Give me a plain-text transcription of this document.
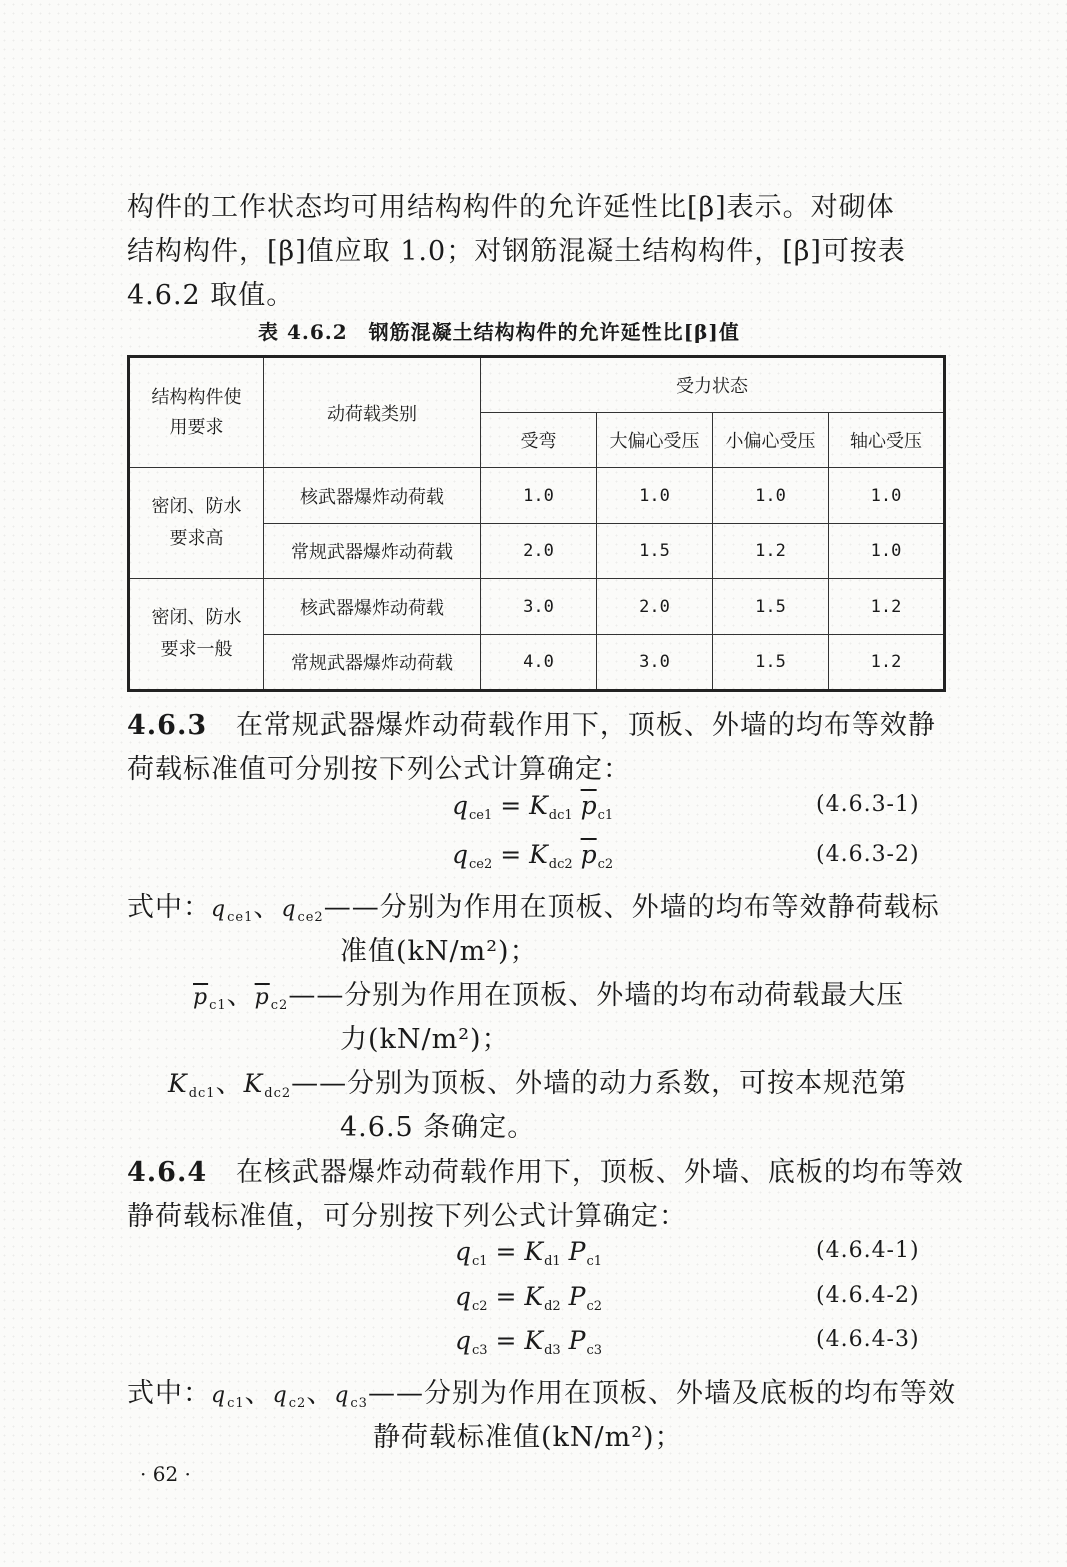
构件的工作状态均可用结构构件的允许延性比[β]表示。对砌体
结构构件，[β]值应取 1.0；对钢筋混凝土结构构件，[β]可按表
4.6.2 取值。
表 4.6.2　钢筋混凝土结构构件的允许延性比[β]值
结构构件使用要求	动荷载类别	受力状态			
		受弯	大偏心受压	小偏心受压	轴心受压
密闭、防水要求高	核武器爆炸动荷载	1.0	1.0	1.0	1.0
	常规武器爆炸动荷载	2.0	1.5	1.2	1.0
密闭、防水要求一般	核武器爆炸动荷载	3.0	2.0	1.5	1.2
	常规武器爆炸动荷载	4.0	3.0	1.5	1.2
4.6.3 在常规武器爆炸动荷载作用下，顶板、外墙的均布等效静
荷载标准值可分别按下列公式计算确定：
$q_{ce1} = K_{dc1}$ $\overline{p}_{c1}$	(4.6.3-1)
$q_{ce2} = K_{dc2}$ $\overline{p}_{c2}$	(4.6.3-2)
式中：$q_{ce1}$、$q_{ce2}——$分别为作用在顶板、外墙的均布等效静荷载标
准值(kN/m²)；
$\overline{p}_{c1}$、$\overline{p}_{c2}——$分别为作用在顶板、外墙的均布动荷载最大压
力(kN/m²)；
$K_{dc1}$、$K_{dc2}——$分别为顶板、外墙的动力系数，可按本规范第
4.6.5 条确定。
4.6.4 在核武器爆炸动荷载作用下，顶板、外墙、底板的均布等效
静荷载标准值，可分别按下列公式计算确定：
$q_{c1} = K_{d1}$ $P_{c1}$	(4.6.4-1)
$q_{c2} = K_{d2}$ $P_{c2}$	(4.6.4-2)
$q_{c3} = K_{d3}$ $P_{c3}$	(4.6.4-3)
式中：$q_{c1}$、$q_{c2}$、$q_{c3}——$分别为作用在顶板、外墙及底板的均布等效
静荷载标准值(kN/m²)；
· 62 ·
